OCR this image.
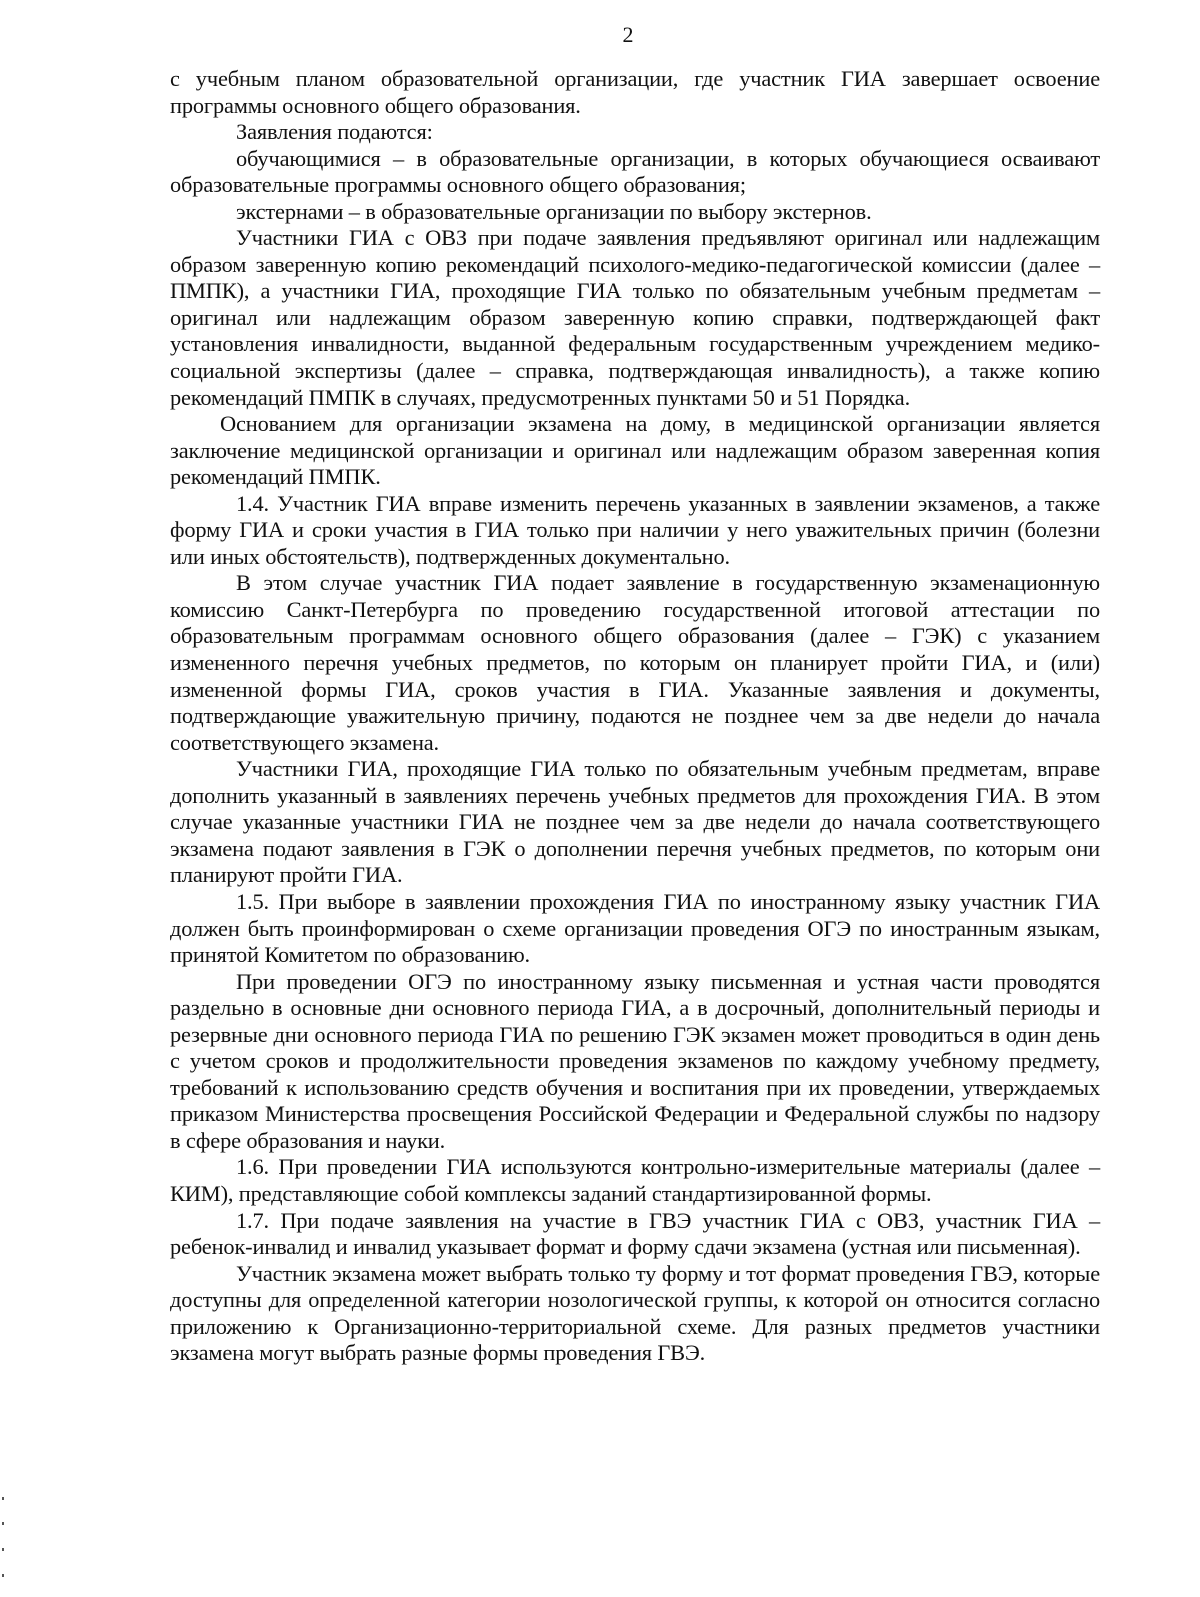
2

с учебным планом образовательной организации, где участник ГИА завершает освоение программы основного общего образования.

Заявления подаются:

обучающимися – в образовательные организации, в которых обучающиеся осваивают образовательные программы основного общего образования;

экстернами – в образовательные организации по выбору экстернов.

Участники ГИА с ОВЗ при подаче заявления предъявляют оригинал или надлежащим образом заверенную копию рекомендаций психолого-медико-педагогической комиссии (далее – ПМПК), а участники ГИА, проходящие ГИА только по обязательным учебным предметам – оригинал или надлежащим образом заверенную копию справки, подтверждающей факт установления инвалидности, выданной федеральным государственным учреждением медико-социальной экспертизы (далее – справка, подтверждающая инвалидность), а также копию рекомендаций ПМПК в случаях, предусмотренных пунктами 50 и 51 Порядка.

Основанием для организации экзамена на дому, в медицинской организации является заключение медицинской организации и оригинал или надлежащим образом заверенная копия рекомендаций ПМПК.

1.4. Участник ГИА вправе изменить перечень указанных в заявлении экзаменов, а также форму ГИА и сроки участия в ГИА только при наличии у него уважительных причин (болезни или иных обстоятельств), подтвержденных документально.

В этом случае участник ГИА подает заявление в государственную экзаменационную комиссию Санкт-Петербурга по проведению государственной итоговой аттестации по образовательным программам основного общего образования (далее – ГЭК) с указанием измененного перечня учебных предметов, по которым он планирует пройти ГИА, и (или) измененной формы ГИА, сроков участия в ГИА. Указанные заявления и документы, подтверждающие уважительную причину, подаются не позднее чем за две недели до начала соответствующего экзамена.

Участники ГИА, проходящие ГИА только по обязательным учебным предметам, вправе дополнить указанный в заявлениях перечень учебных предметов для прохождения ГИА. В этом случае указанные участники ГИА не позднее чем за две недели до начала соответствующего экзамена подают заявления в ГЭК о дополнении перечня учебных предметов, по которым они планируют пройти ГИА.

1.5. При выборе в заявлении прохождения ГИА по иностранному языку участник ГИА должен быть проинформирован о схеме организации проведения ОГЭ по иностранным языкам, принятой Комитетом по образованию.

При проведении ОГЭ по иностранному языку письменная и устная части проводятся раздельно в основные дни основного периода ГИА, а в досрочный, дополнительный периоды и резервные дни основного периода ГИА по решению ГЭК экзамен может проводиться в один день с учетом сроков и продолжительности проведения экзаменов по каждому учебному предмету, требований к использованию средств обучения и воспитания при их проведении, утверждаемых приказом Министерства просвещения Российской Федерации и Федеральной службы по надзору в сфере образования и науки.

1.6. При проведении ГИА используются контрольно-измерительные материалы (далее – КИМ), представляющие собой комплексы заданий стандартизированной формы.

1.7. При подаче заявления на участие в ГВЭ участник ГИА с ОВЗ, участник ГИА – ребенок-инвалид и инвалид указывает формат и форму сдачи экзамена (устная или письменная).

Участник экзамена может выбрать только ту форму и тот формат проведения ГВЭ, которые доступны для определенной категории нозологической группы, к которой он относится согласно приложению к Организационно-территориальной схеме. Для разных предметов участники экзамена могут выбрать разные формы проведения ГВЭ.
